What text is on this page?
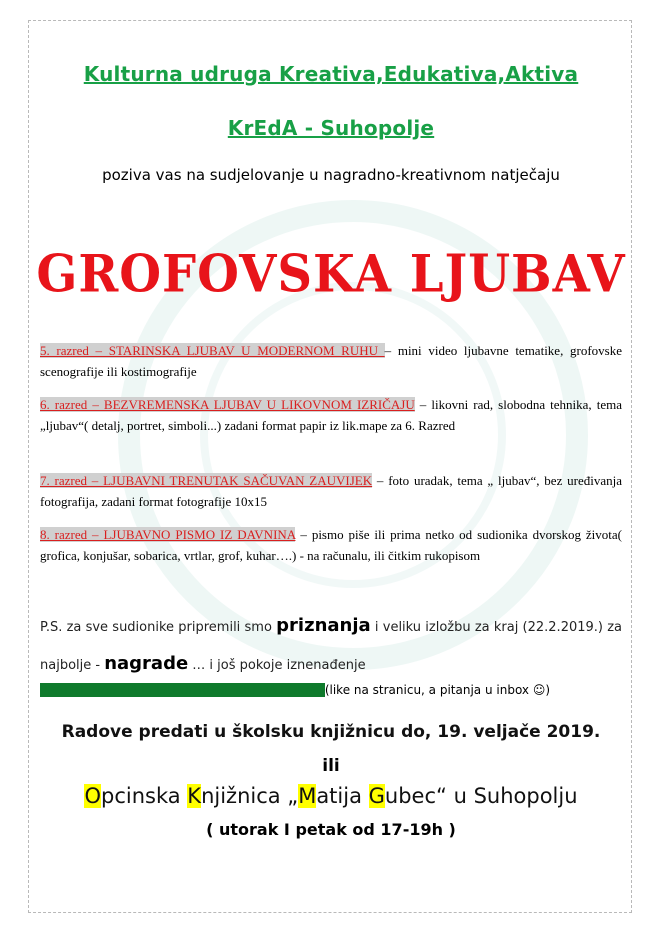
Kulturna udruga Kreativa,Edukativa,Aktiva
KrEdA - Suhopolje
poziva vas na sudjelovanje u nagradno-kreativnom natječaju
GROFOVSKA LJUBAV
5. razred – STARINSKA LJUBAV U MODERNOM RUHU – mini video ljubavne tematike, grofovske scenografije ili kostimografije
6. razred – BEZVREMENSKA LJUBAV U LIKOVNOM IZRIČAJU – likovni rad, slobodna tehnika, tema „ljubav“( detalj, portret, simboli...) zadani format papir iz lik.mape za 6. Razred
7. razred – LJUBAVNI TRENUTAK SAČUVAN ZAUVIJEK – foto uradak, tema „ ljubav“, bez uređivanja fotografija, zadani format fotografije 10x15
8. razred – LJUBAVNO PISMO IZ DAVNINA – pismo piše ili prima netko od sudionika dvorskog života( grofica, konjušar, sobarica, vrtlar, grof, kuhar….) - na računalu, ili čitkim rukopisom
P.S. za sve sudionike pripremili smo priznanja i veliku izložbu za kraj (22.2.2019.) za najbolje - nagrade … i još pokoje iznenađenje
PRATITE NAS NA FEJSU UDRUGE KREDA I OKMG(like na stranicu, a pitanja u inbox ☺)
Radove predati u školsku knjižnicu do, 19. veljače 2019.
ili
Opcinska Knjižnica „Matija Gubec“ u Suhopolju
( utorak I petak od 17-19h )
